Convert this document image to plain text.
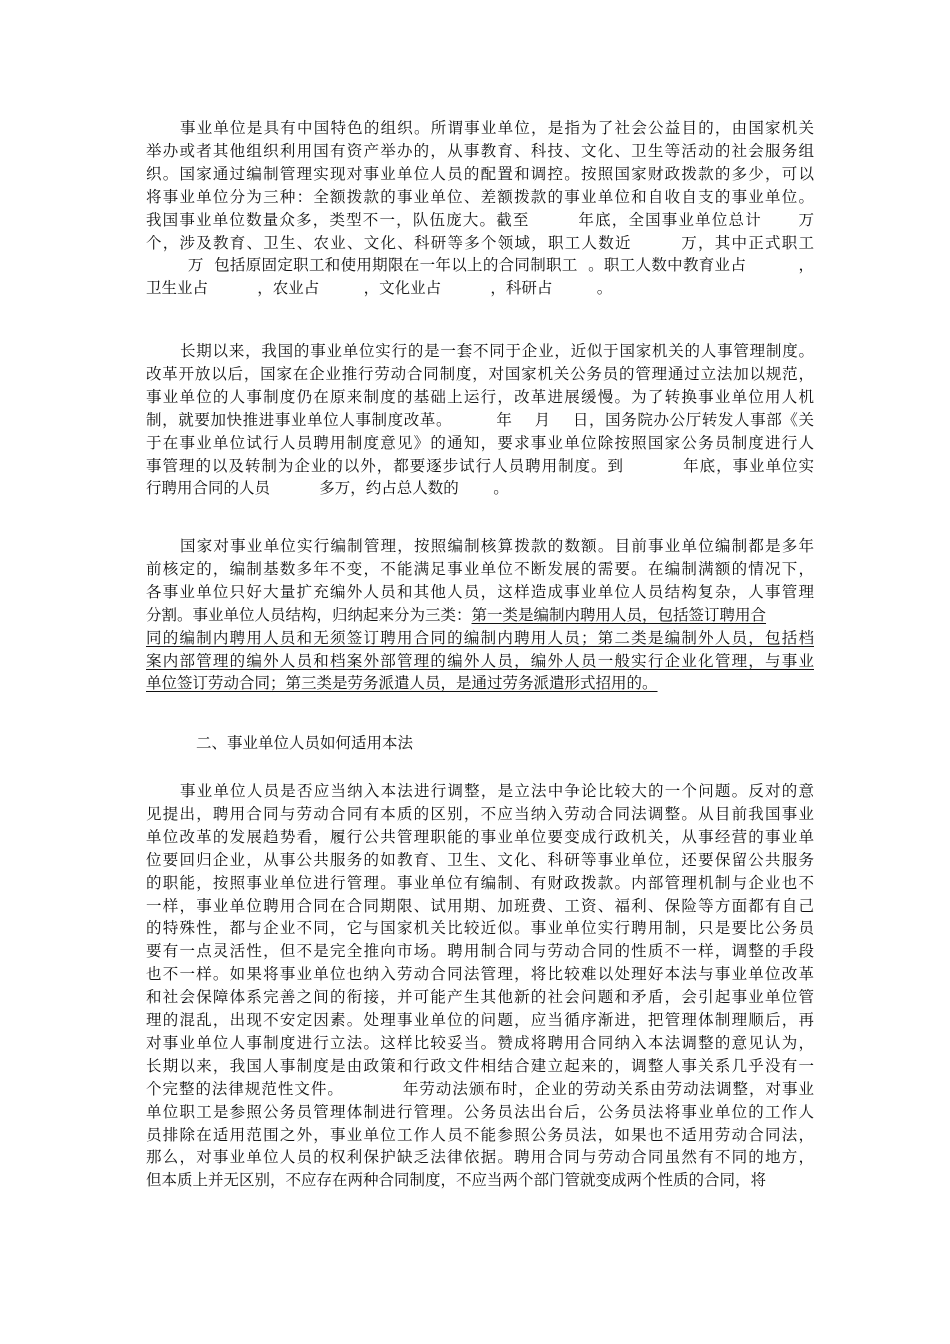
事业单位是具有中国特色的组织。所谓事业单位，是指为了社会公益目的，由国家机关
举办或者其他组织利用国有资产举办的，从事教育、科技、文化、卫生等活动的社会服务组
织。国家通过编制管理实现对事业单位人员的配置和调控。按照国家财政拨款的多少，可以
将事业单位分为三种：全额拨款的事业单位、差额拨款的事业单位和自收自支的事业单位。
我国事业单位数量众多，类型不一，队伍庞大。截至        年底，全国事业单位总计      万
个，涉及教育、卫生、农业、文化、科研等多个领域，职工人数近        万，其中正式职工
万  包括原固定职工和使用期限在一年以上的合同制职工  。职工人数中教育业占          ，
卫生业占          ，农业占         ，文化业占          ，科研占         。
长期以来，我国的事业单位实行的是一套不同于企业，近似于国家机关的人事管理制度。
改革开放以后，国家在企业推行劳动合同制度，对国家机关公务员的管理通过立法加以规范，
事业单位的人事制度仍在原来制度的基础上运行，改革进展缓慢。为了转换事业单位用人机
制，就要加快推进事业单位人事制度改革。        年    月    日，国务院办公厅转发人事部《关
于在事业单位试行人员聘用制度意见》的通知，要求事业单位除按照国家公务员制度进行人
事管理的以及转制为企业的以外，都要逐步试行人员聘用制度。到          年底，事业单位实
行聘用合同的人员          多万，约占总人数的       。
国家对事业单位实行编制管理，按照编制核算拨款的数额。目前事业单位编制都是多年
前核定的，编制基数多年不变，不能满足事业单位不断发展的需要。在编制满额的情况下，
各事业单位只好大量扩充编外人员和其他人员，这样造成事业单位人员结构复杂，人事管理
分割。事业单位人员结构，归纳起来分为三类：第一类是编制内聘用人员，包括签订聘用合
同的编制内聘用人员和无须签订聘用合同的编制内聘用人员；第二类是编制外人员，包括档
案内部管理的编外人员和档案外部管理的编外人员，编外人员一般实行企业化管理，与事业
单位签订劳动合同；第三类是劳务派遣人员，是通过劳务派遣形式招用的。
二、事业单位人员如何适用本法
事业单位人员是否应当纳入本法进行调整，是立法中争论比较大的一个问题。反对的意
见提出，聘用合同与劳动合同有本质的区别，不应当纳入劳动合同法调整。从目前我国事业
单位改革的发展趋势看，履行公共管理职能的事业单位要变成行政机关，从事经营的事业单
位要回归企业，从事公共服务的如教育、卫生、文化、科研等事业单位，还要保留公共服务
的职能，按照事业单位进行管理。事业单位有编制、有财政拨款。内部管理机制与企业也不
一样，事业单位聘用合同在合同期限、试用期、加班费、工资、福利、保险等方面都有自己
的特殊性，都与企业不同，它与国家机关比较近似。事业单位实行聘用制，只是要比公务员
要有一点灵活性，但不是完全推向市场。聘用制合同与劳动合同的性质不一样，调整的手段
也不一样。如果将事业单位也纳入劳动合同法管理，将比较难以处理好本法与事业单位改革
和社会保障体系完善之间的衔接，并可能产生其他新的社会问题和矛盾，会引起事业单位管
理的混乱，出现不安定因素。处理事业单位的问题，应当循序渐进，把管理体制理顺后，再
对事业单位人事制度进行立法。这样比较妥当。赞成将聘用合同纳入本法调整的意见认为，
长期以来，我国人事制度是由政策和行政文件相结合建立起来的，调整人事关系几乎没有一
个完整的法律规范性文件。          年劳动法颁布时，企业的劳动关系由劳动法调整，对事业
单位职工是参照公务员管理体制进行管理。公务员法出台后，公务员法将事业单位的工作人
员排除在适用范围之外，事业单位工作人员不能参照公务员法，如果也不适用劳动合同法，
那么，对事业单位人员的权利保护缺乏法律依据。聘用合同与劳动合同虽然有不同的地方，
但本质上并无区别，不应存在两种合同制度，不应当两个部门管就变成两个性质的合同，将
